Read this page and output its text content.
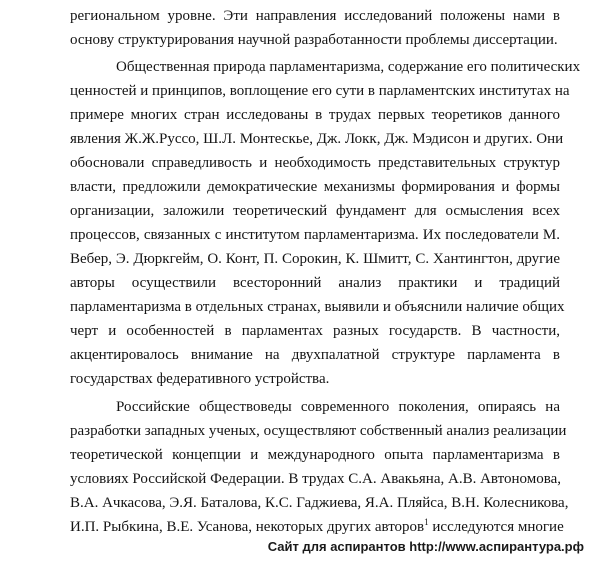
региональном уровне. Эти направления исследований положены нами в
основу структурирования научной разработанности проблемы диссертации.
Общественная природа парламентаризма, содержание его политических
ценностей и принципов, воплощение его сути в парламентских институтах на
примере многих стран исследованы в трудах первых теоретиков данного
явления Ж.Ж.Руссо, Ш.Л. Монтескье, Дж. Локк, Дж. Мэдисон и других. Они
обосновали справедливость и необходимость представительных структур
власти, предложили демократические механизмы формирования и формы
организации, заложили теоретический фундамент для осмысления всех
процессов, связанных с институтом парламентаризма. Их последователи М.
Вебер, Э. Дюркгейм, О. Конт, П. Сорокин, К. Шмитт, С. Хантингтон, другие
авторы осуществили всесторонний анализ практики и традиций
парламентаризма в отдельных странах, выявили и объяснили наличие общих
черт и особенностей в парламентах разных государств. В частности,
акцентировалось внимание на двухпалатной структуре парламента в
государствах федеративного устройства.
Российские обществоведы современного поколения, опираясь на
разработки западных ученых, осуществляют собственный анализ реализации
теоретической концепции и международного опыта парламентаризма в
условиях Российской Федерации. В трудах С.А. Авакьяна, А.В. Автономова,
В.А. Ачкасова, Э.Я. Баталова, К.С. Гаджиева, Я.А. Пляйса, В.Н. Колесникова,
И.П. Рыбкина, В.Е. Усанова, некоторых других авторов$^1$ исследуются многие
Сайт для аспирантов http://www.аспирантура.рф
